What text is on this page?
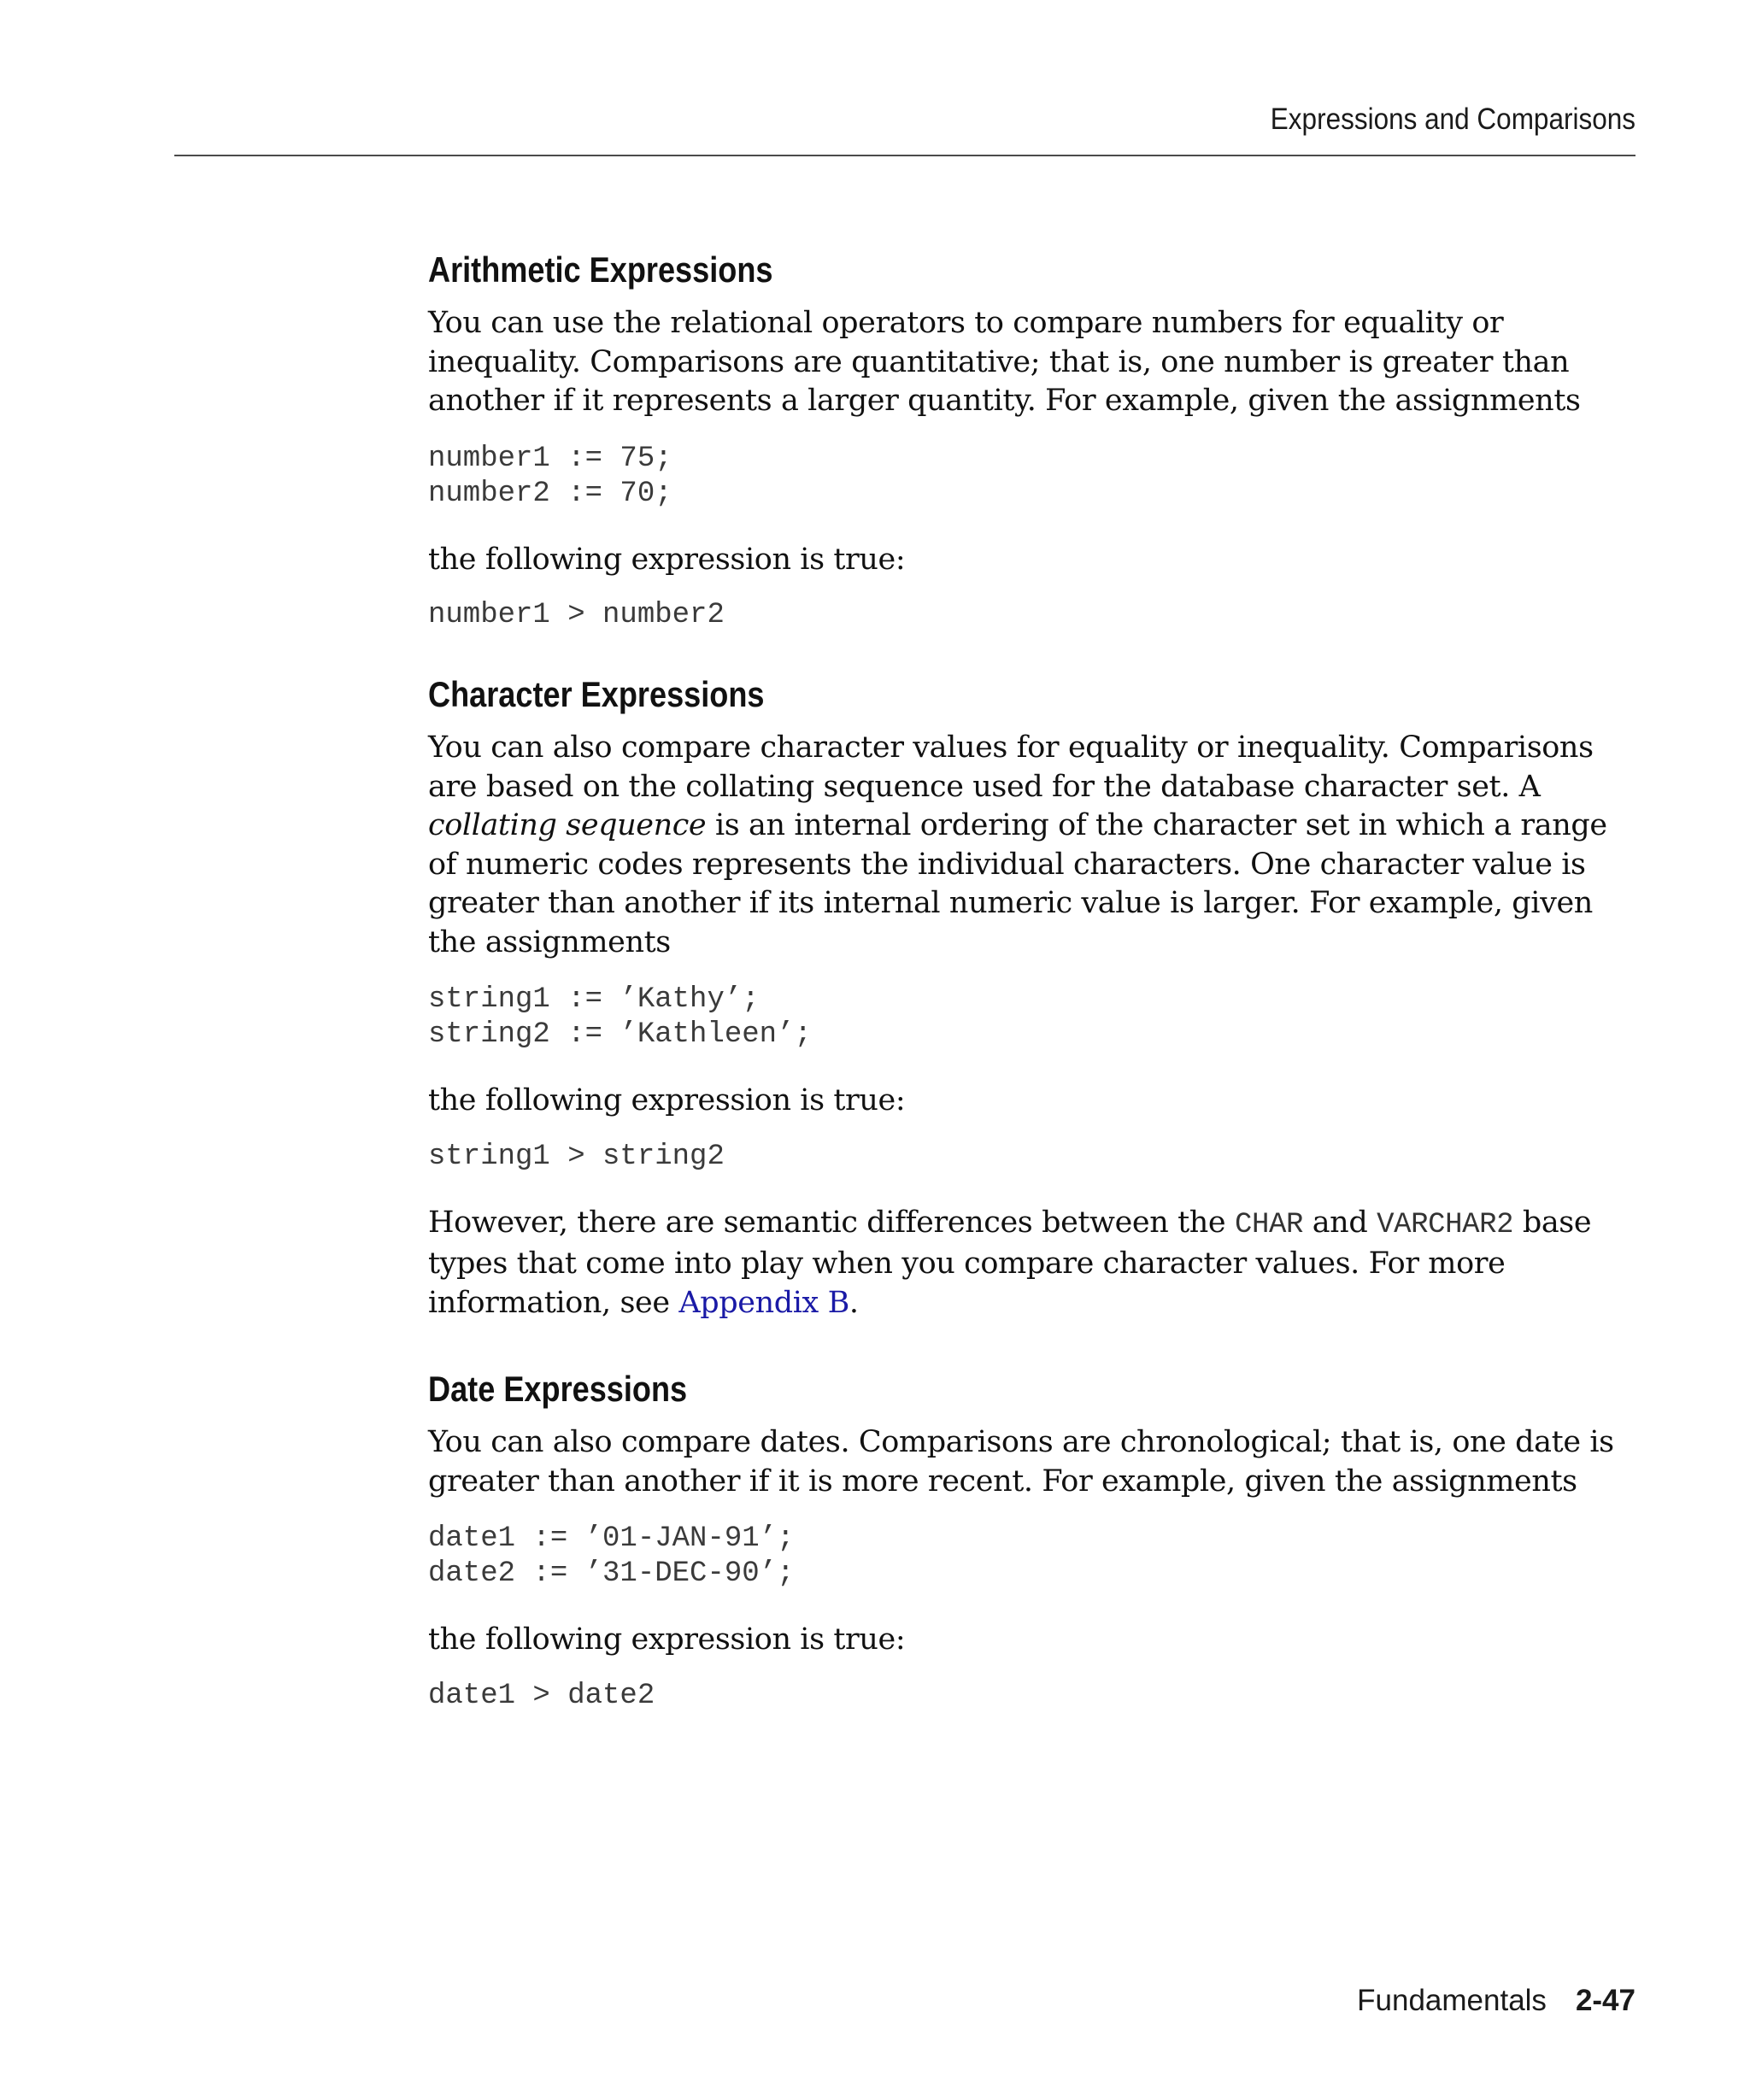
Expressions and Comparisons
Arithmetic Expressions

You can use the relational operators to compare numbers for equality or inequality. Comparisons are quantitative; that is, one number is greater than another if it represents a larger quantity. For example, given the assignments

number1 := 75;
number2 := 70;

the following expression is true:

number1 > number2
Character Expressions

You can also compare character values for equality or inequality. Comparisons are based on the collating sequence used for the database character set. A collating sequence is an internal ordering of the character set in which a range of numeric codes represents the individual characters. One character value is greater than another if its internal numeric value is larger. For example, given the assignments

string1 := ’Kathy’;
string2 := ’Kathleen’;

the following expression is true:

string1 > string2

However, there are semantic differences between the CHAR and VARCHAR2 base types that come into play when you compare character values. For more information, see Appendix B.

Date Expressions

You can also compare dates. Comparisons are chronological; that is, one date is greater than another if it is more recent. For example, given the assignments

date1 := ’01-JAN-91’;
date2 := ’31-DEC-90’;

the following expression is true:

date1 > date2
Fundamentals 2-47
